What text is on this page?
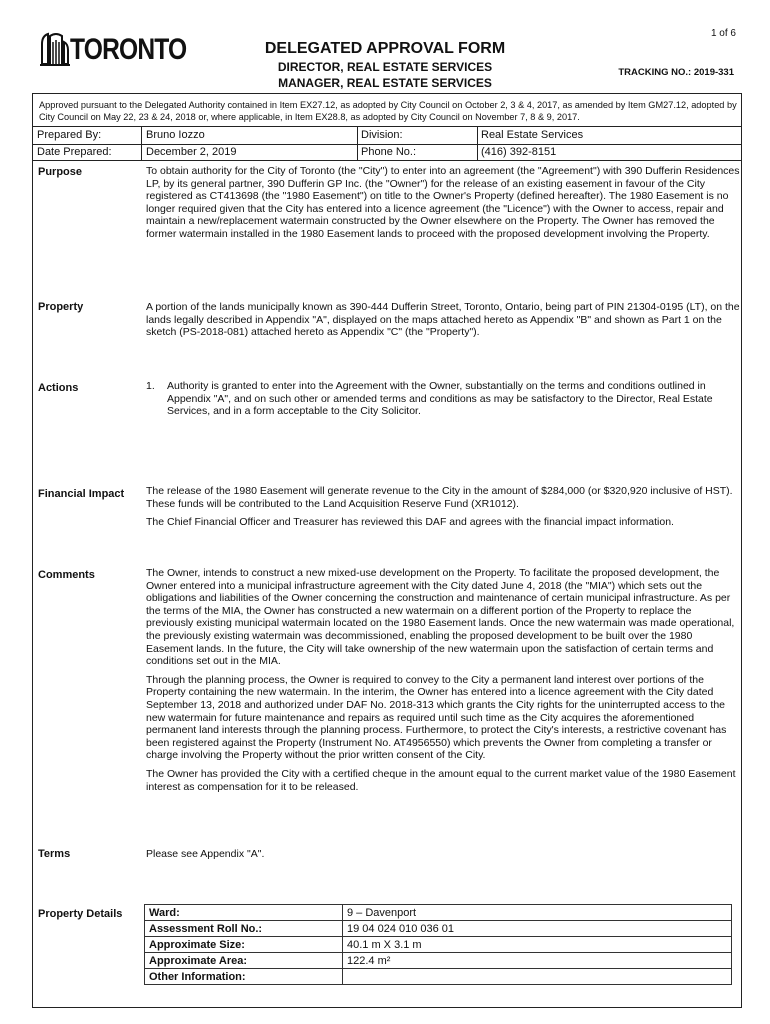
1 of 6
TORONTO	DELEGATED APPROVAL FORM
DIRECTOR, REAL ESTATE SERVICES
MANAGER, REAL ESTATE SERVICES
TRACKING NO.: 2019-331
Approved pursuant to the Delegated Authority contained in Item EX27.12, as adopted by City Council on October 2, 3 & 4, 2017, as amended by Item GM27.12, adopted by City Council on May 22, 23 & 24, 2018 or, where applicable, in Item EX28.8, as adopted by City Council on November 7, 8 & 9, 2017.
Prepared By:	Bruno Iozzo	Division:	Real Estate Services
Date Prepared:	December 2, 2019	Phone No.:	(416) 392-8151
Purpose	To obtain authority for the City of Toronto (the "City") to enter into an agreement (the "Agreement") with 390 Dufferin Residences LP, by its general partner, 390 Dufferin GP Inc. (the "Owner") for the release of an existing easement in favour of the City registered as CT413698 (the "1980 Easement") on title to the Owner's Property (defined hereafter). The 1980 Easement is no longer required given that the City has entered into a licence agreement (the "Licence") with the Owner to access, repair and maintain a new/replacement watermain constructed by the Owner elsewhere on the Property. The Owner has removed the former watermain installed in the 1980 Easement lands to proceed with the proposed development involving the Property.
Property	A portion of the lands municipally known as 390-444 Dufferin Street, Toronto, Ontario, being part of PIN 21304-0195 (LT), on the lands legally described in Appendix "A", displayed on the maps attached hereto as Appendix "B" and shown as Part 1 on the sketch (PS-2018-081) attached hereto as Appendix "C" (the "Property").
Actions	1. Authority is granted to enter into the Agreement with the Owner, substantially on the terms and conditions outlined in Appendix "A", and on such other or amended terms and conditions as may be satisfactory to the Director, Real Estate Services, and in a form acceptable to the City Solicitor.
Financial Impact The release of the 1980 Easement will generate revenue to the City in the amount of $284,000 (or $320,920 inclusive of HST). These funds will be contributed to the Land Acquisition Reserve Fund (XR1012).

The Chief Financial Officer and Treasurer has reviewed this DAF and agrees with the financial impact information.

Comments	The Owner, intends to construct a new mixed-use development on the Property. To facilitate the proposed development, the Owner entered into a municipal infrastructure agreement with the City dated June 4, 2018 (the "MIA") which sets out the obligations and liabilities of the Owner concerning the construction and maintenance of certain municipal infrastructure. As per the terms of the MIA, the Owner has constructed a new watermain on a different portion of the Property to replace the previously existing municipal watermain located on the 1980 Easement lands. Once the new watermain was made operational, the previously existing watermain was decommissioned, enabling the proposed development to be built over the 1980 Easement lands. In the future, the City will take ownership of the new watermain upon the satisfaction of certain terms and conditions set out in the MIA.

Through the planning process, the Owner is required to convey to the City a permanent land interest over portions of the Property containing the new watermain. In the interim, the Owner has entered into a licence agreement with the City dated September 13, 2018 and authorized under DAF No. 2018-313 which grants the City rights for the uninterrupted access to the new watermain for future maintenance and repairs as required until such time as the City acquires the aforementioned permanent land interests through the planning process. Furthermore, to protect the City's interests, a restrictive covenant has been registered against the Property (Instrument No. AT4956550) which prevents the Owner from completing a transfer or charge involving the Property without the prior written consent of the City.

The Owner has provided the City with a certified cheque in the amount equal to the current market value of the 1980 Easement interest as compensation for it to be released.

Terms	Please see Appendix "A".
Property Details Ward:	9 – Davenport
Assessment Roll No.:	19 04 024 010 036 01
Approximate Size:	40.1 m X 3.1 m
Approximate Area:	122.4 m²
Other Information:	
